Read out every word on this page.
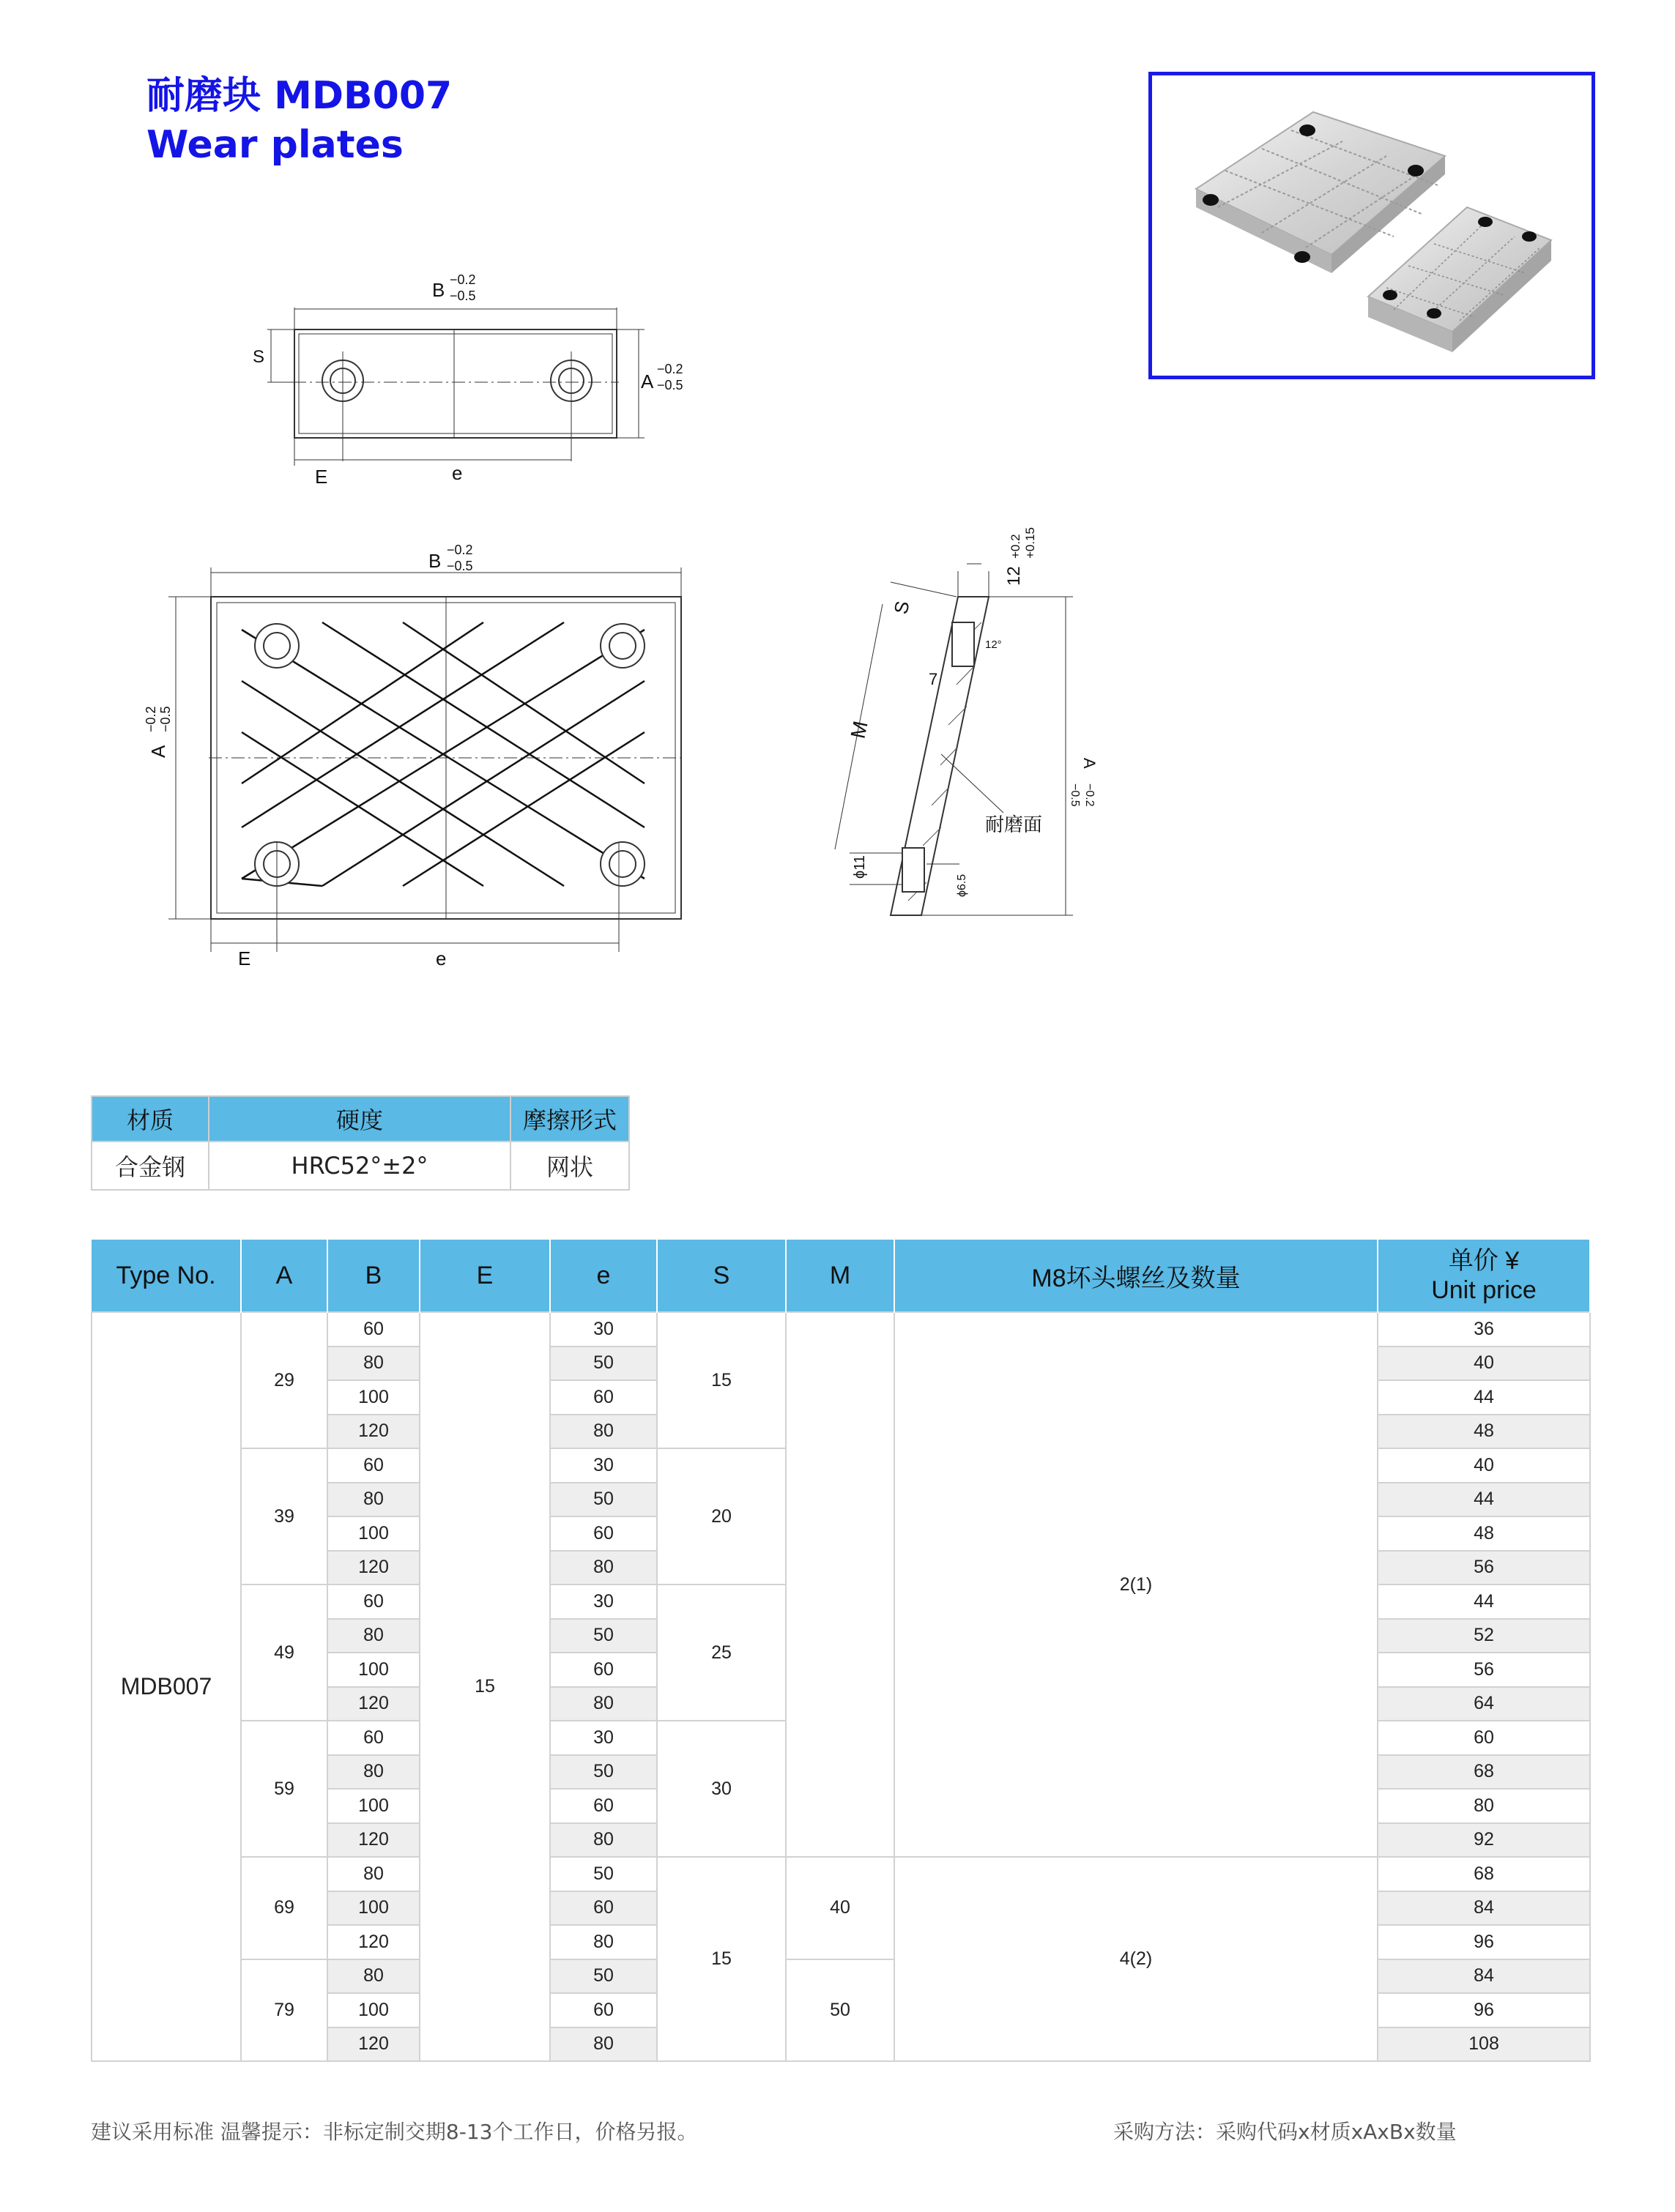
耐磨块 MDB007
Wear plates
B −0.2
−0.5
S
A
−0.2
−0.5
E	e
B −0.2
−0.5
A
−0.2 −0.5
E	e
12
+0.2 +0.15
S
12°
7
M
ϕ11
ϕ6.5
A
−0.2
−0.5
耐磨面
材质	硬度	摩擦形式
合金钢	HRC52°±2°	网状
Type No.	A	B	E	e	S	M	M8坏头螺丝及数量	单价 ¥
Unit price

MDB007	29	60	15	30	15		2(1)	36
		80		50				40
		100		60				44
		120		80				48
	39	60		30	20			40
		80		50				44
		100		60				48
		120		80				56
	49	60		30	25			44
		80		50				52
		100		60				56
		120		80				64
	59	60		30	30			60
		80		50				68
		100		60				80
		120		80				92
	69	80		50	15	40	4(2)	68
		100		60				84
		120		80				96
	79	80		50		50		84
		100		60				96
		120		80				108
建议采用标准 温馨提示：非标定制交期8-13个工作日，价格另报。	采购方法：采购代码x材质xAxBx数量
